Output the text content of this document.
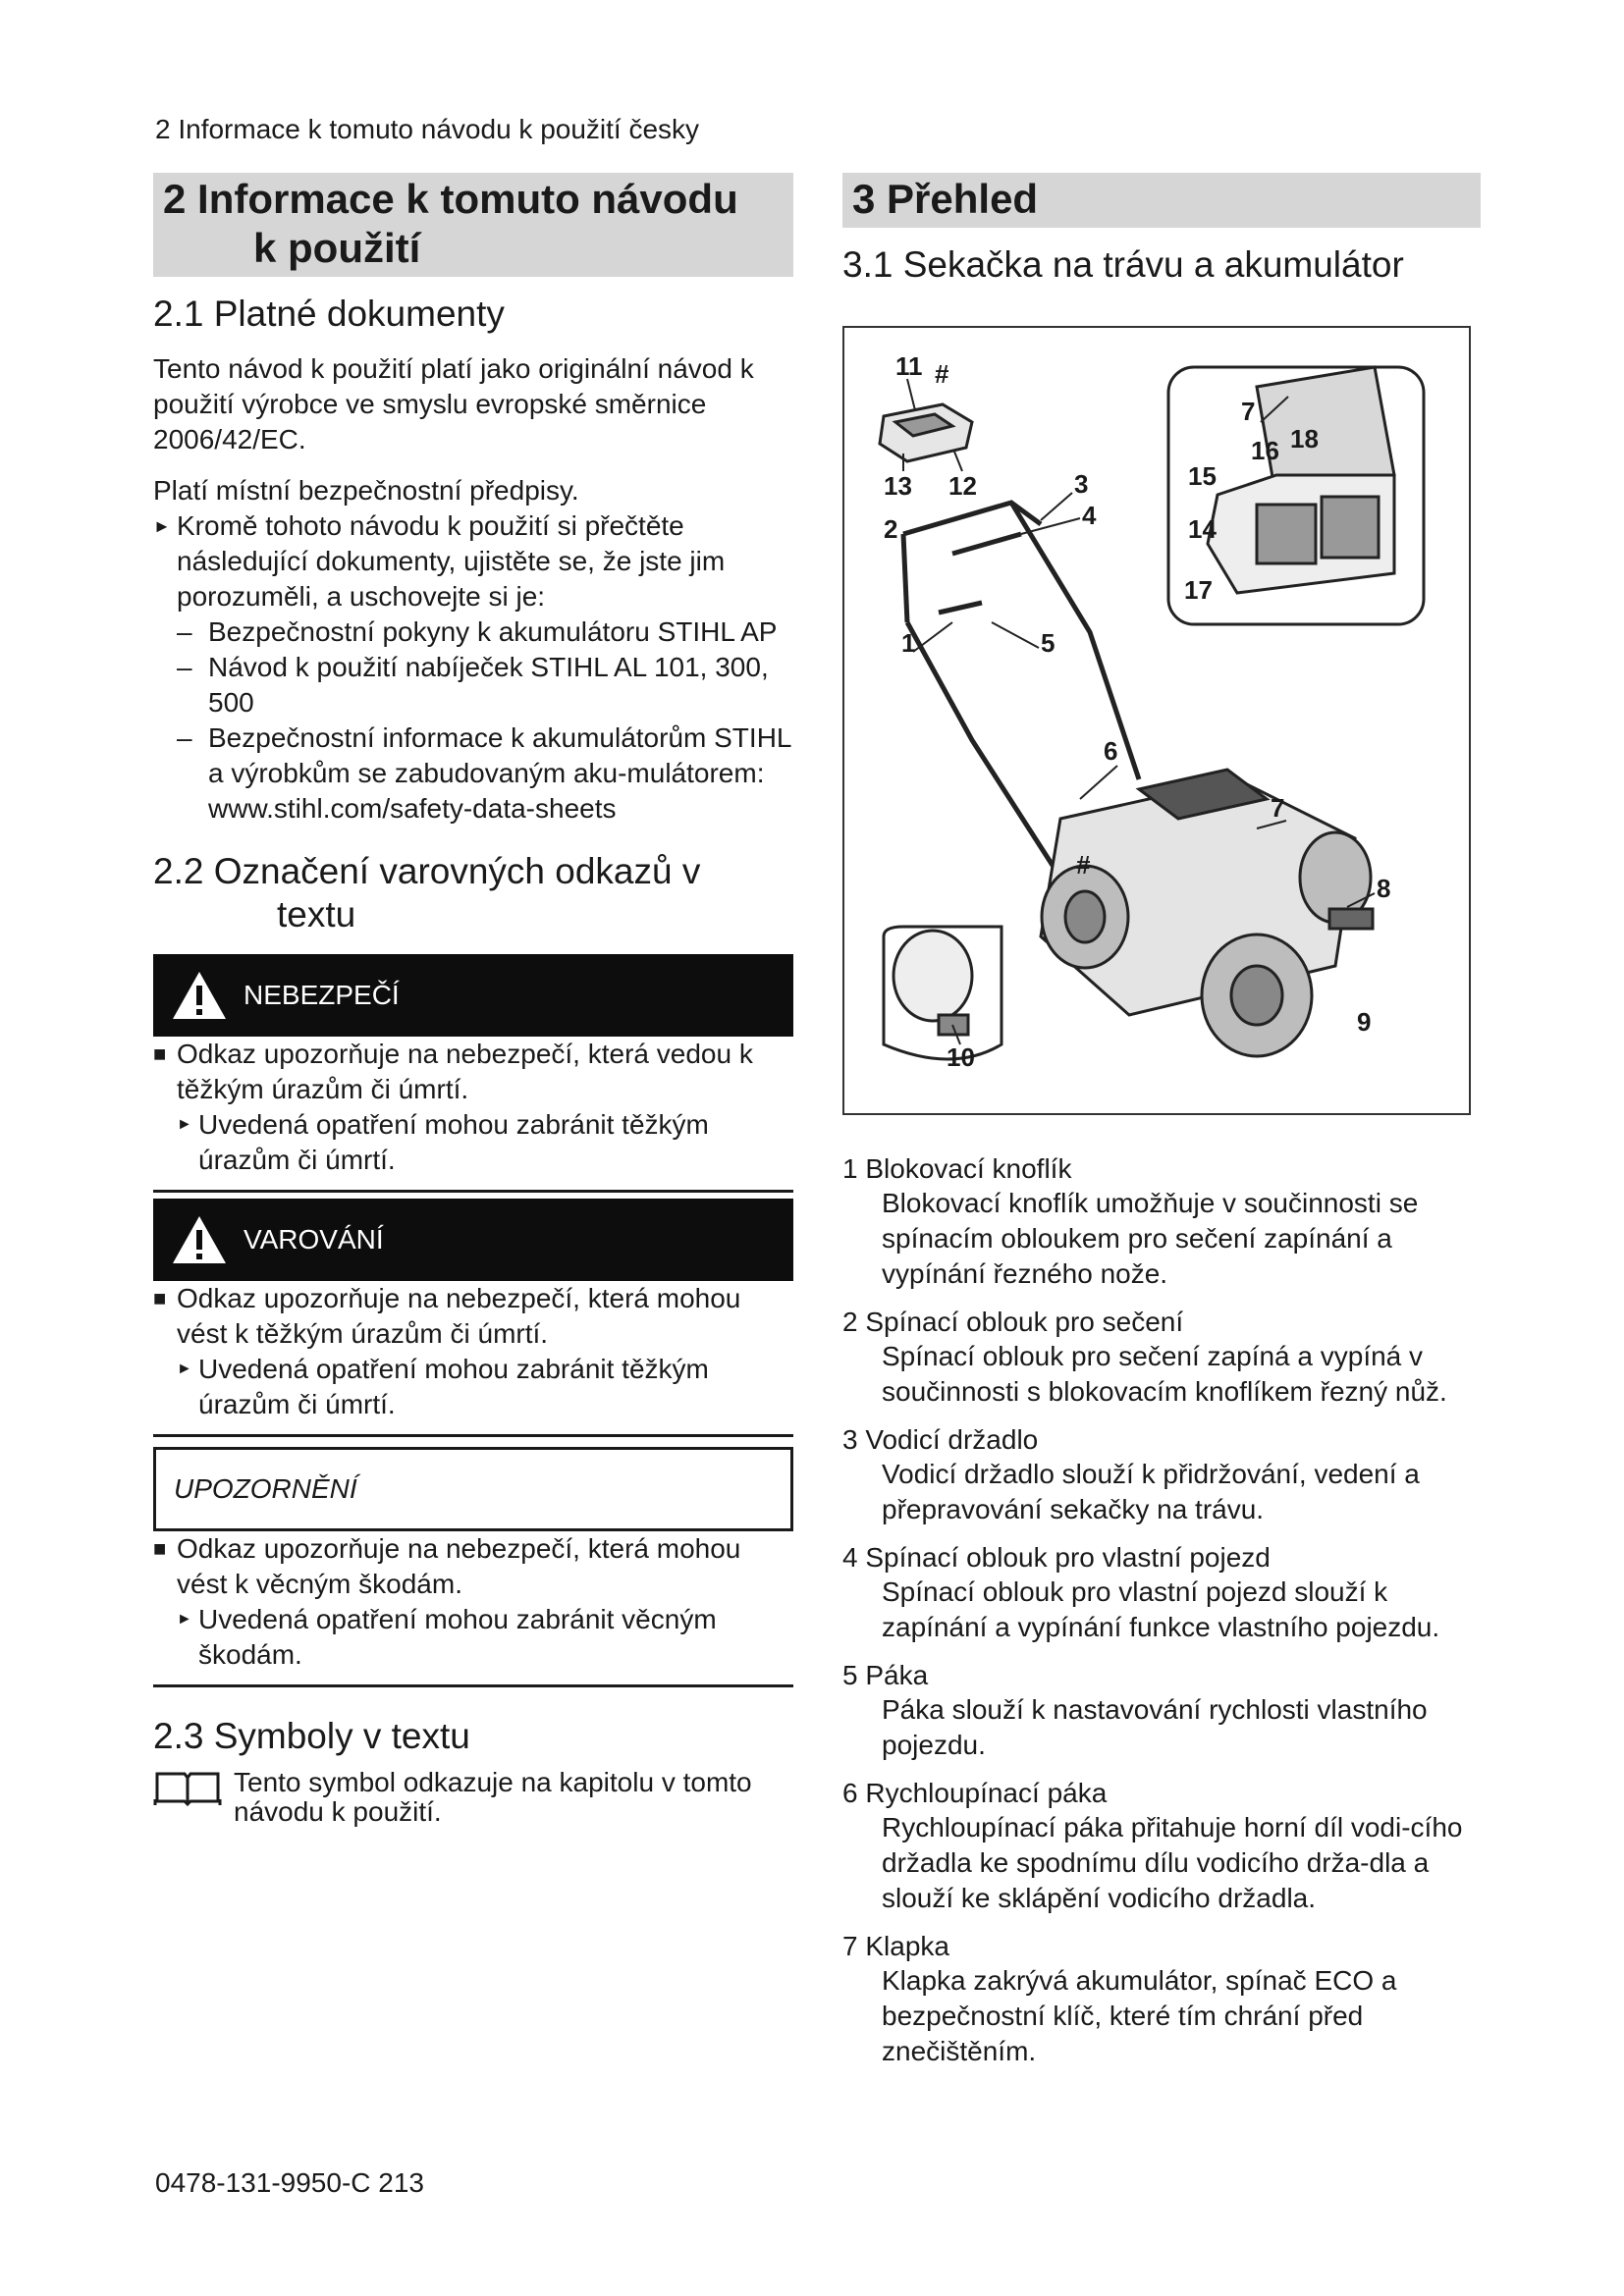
2 Informace k tomuto návodu k použití česky
2 Informace k tomuto návodu
k použití
2.1 Platné dokumenty

Tento návod k použití platí jako originální návod k použití výrobce ve smyslu evropské směrnice 2006/42/EC.

Platí místní bezpečnostní předpisy.

► Kromě tohoto návodu k použití si přečtěte následující dokumenty, ujistěte se, že jste jim porozuměli, a uschovejte si je:
– Bezpečnostní pokyny k akumulátoru STIHL AP
– Návod k použití nabíječek STIHL AL 101, 300, 500
– Bezpečnostní informace k akumulátorům STIHL a výrobkům se zabudovaným aku-mulátorem: www.stihl.com/safety-data-sheets
2.2 Označení varovných odkazů v
textu
NEBEZPEČÍ
■ Odkaz upozorňuje na nebezpečí, která vedou k těžkým úrazům či úmrtí.
► Uvedená opatření mohou zabránit těžkým úrazům či úmrtí.
VAROVÁNÍ
■ Odkaz upozorňuje na nebezpečí, která mohou vést k těžkým úrazům či úmrtí.
► Uvedená opatření mohou zabránit těžkým úrazům či úmrtí.
UPOZORNĚNÍ
■ Odkaz upozorňuje na nebezpečí, která mohou vést k věcným škodám.
► Uvedená opatření mohou zabránit věcným škodám.
2.3 Symboly v textu
Tento symbol odkazuje na kapitolu v tomto návodu k použití.
3 Přehled
3.1 Sekačka na trávu a akumulátor
11 #
13 12	3
2	4
1	5
7
16 18
15
14
17
6
7
#
8
9
10
1 Blokovací knoflík
Blokovací knoflík umožňuje v součinnosti se spínacím obloukem pro sečení zapínání a vypínání řezného nože.
2 Spínací oblouk pro sečení
Spínací oblouk pro sečení zapíná a vypíná v součinnosti s blokovacím knoflíkem řezný nůž.
3 Vodicí držadlo
Vodicí držadlo slouží k přidržování, vedení a přepravování sekačky na trávu.
4 Spínací oblouk pro vlastní pojezd
Spínací oblouk pro vlastní pojezd slouží k zapínání a vypínání funkce vlastního pojezdu.
5 Páka
Páka slouží k nastavování rychlosti vlastního pojezdu.
6 Rychloupínací páka
Rychloupínací páka přitahuje horní díl vodi-cího držadla ke spodnímu dílu vodicího drža-dla a slouží ke sklápění vodicího držadla.
7 Klapka
Klapka zakrývá akumulátor, spínač ECO a bezpečnostní klíč, které tím chrání před znečištěním.
0478-131-9950-C 213
